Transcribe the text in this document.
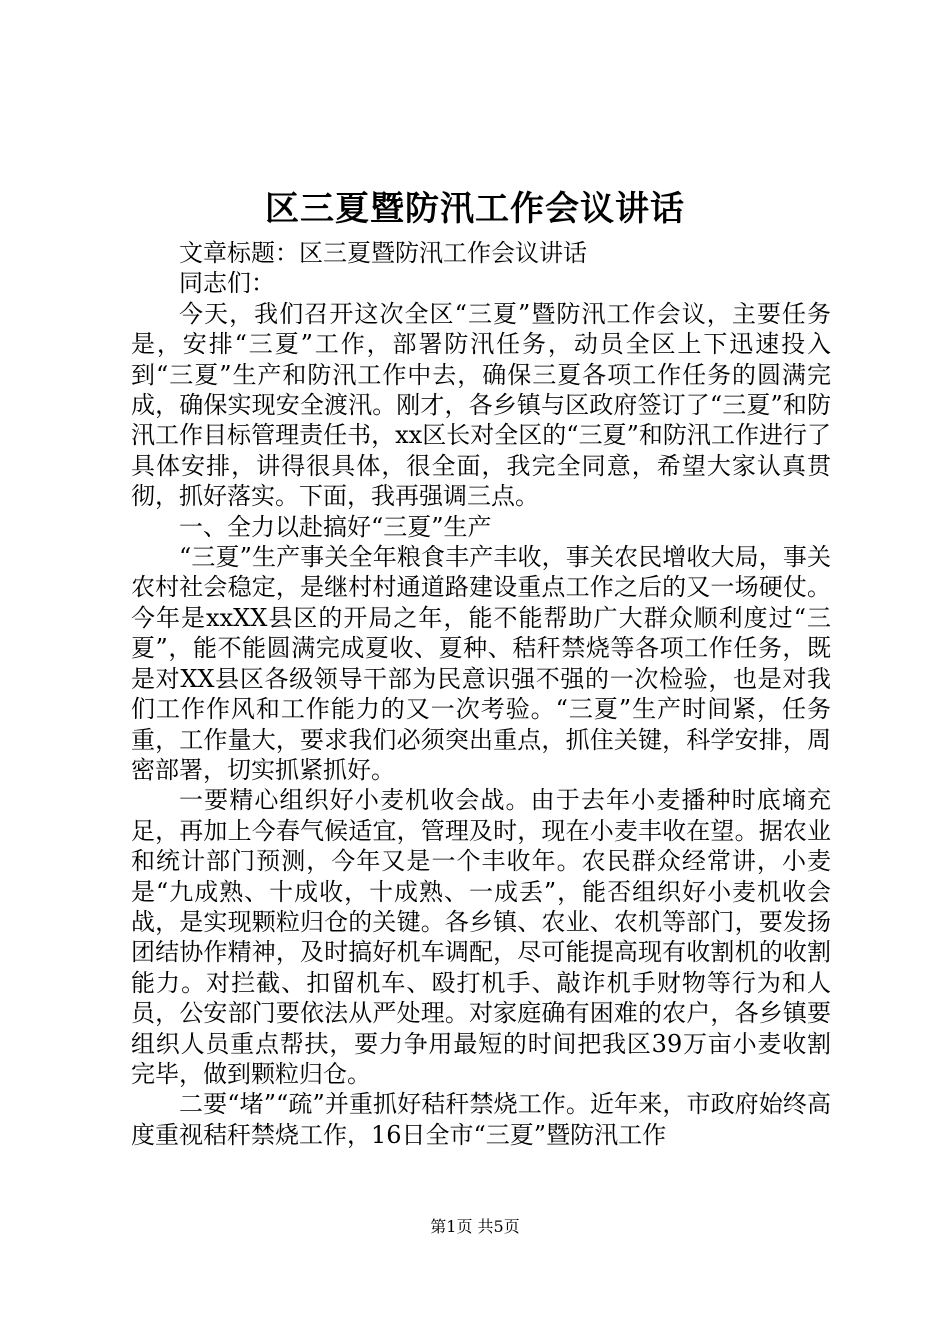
区三夏暨防汛工作会议讲话

文章标题：区三夏暨防汛工作会议讲话

同志们：

今天，我们召开这次全区“三夏”暨防汛工作会议，主要任务是，安排“三夏”工作，部署防汛任务，动员全区上下迅速投入到“三夏”生产和防汛工作中去，确保三夏各项工作任务的圆满完成，确保实现安全渡汛。刚才，各乡镇与区政府签订了“三夏”和防汛工作目标管理责任书，xx区长对全区的“三夏”和防汛工作进行了具体安排，讲得很具体，很全面，我完全同意，希望大家认真贯彻，抓好落实。下面，我再强调三点。

一、全力以赴搞好“三夏”生产

“三夏”生产事关全年粮食丰产丰收，事关农民增收大局，事关农村社会稳定，是继村村通道路建设重点工作之后的又一场硬仗。今年是xxXX县区的开局之年，能不能帮助广大群众顺利度过“三夏”，能不能圆满完成夏收、夏种、秸秆禁烧等各项工作任务，既是对XX县区各级领导干部为民意识强不强的一次检验，也是对我们工作作风和工作能力的又一次考验。“三夏”生产时间紧，任务重，工作量大，要求我们必须突出重点，抓住关键，科学安排，周密部署，切实抓紧抓好。

一要精心组织好小麦机收会战。由于去年小麦播种时底墒充足，再加上今春气候适宜，管理及时，现在小麦丰收在望。据农业和统计部门预测，今年又是一个丰收年。农民群众经常讲，小麦是“九成熟、十成收，十成熟、一成丢”，能否组织好小麦机收会战，是实现颗粒归仓的关键。各乡镇、农业、农机等部门，要发扬团结协作精神，及时搞好机车调配，尽可能提高现有收割机的收割能力。对拦截、扣留机车、殴打机手、敲诈机手财物等行为和人员，公安部门要依法从严处理。对家庭确有困难的农户，各乡镇要组织人员重点帮扶，要力争用最短的时间把我区39万亩小麦收割完毕，做到颗粒归仓。

二要“堵”“疏”并重抓好秸秆禁烧工作。近年来，市政府始终高度重视秸秆禁烧工作，16日全市“三夏”暨防汛工作

第1页 共5页
